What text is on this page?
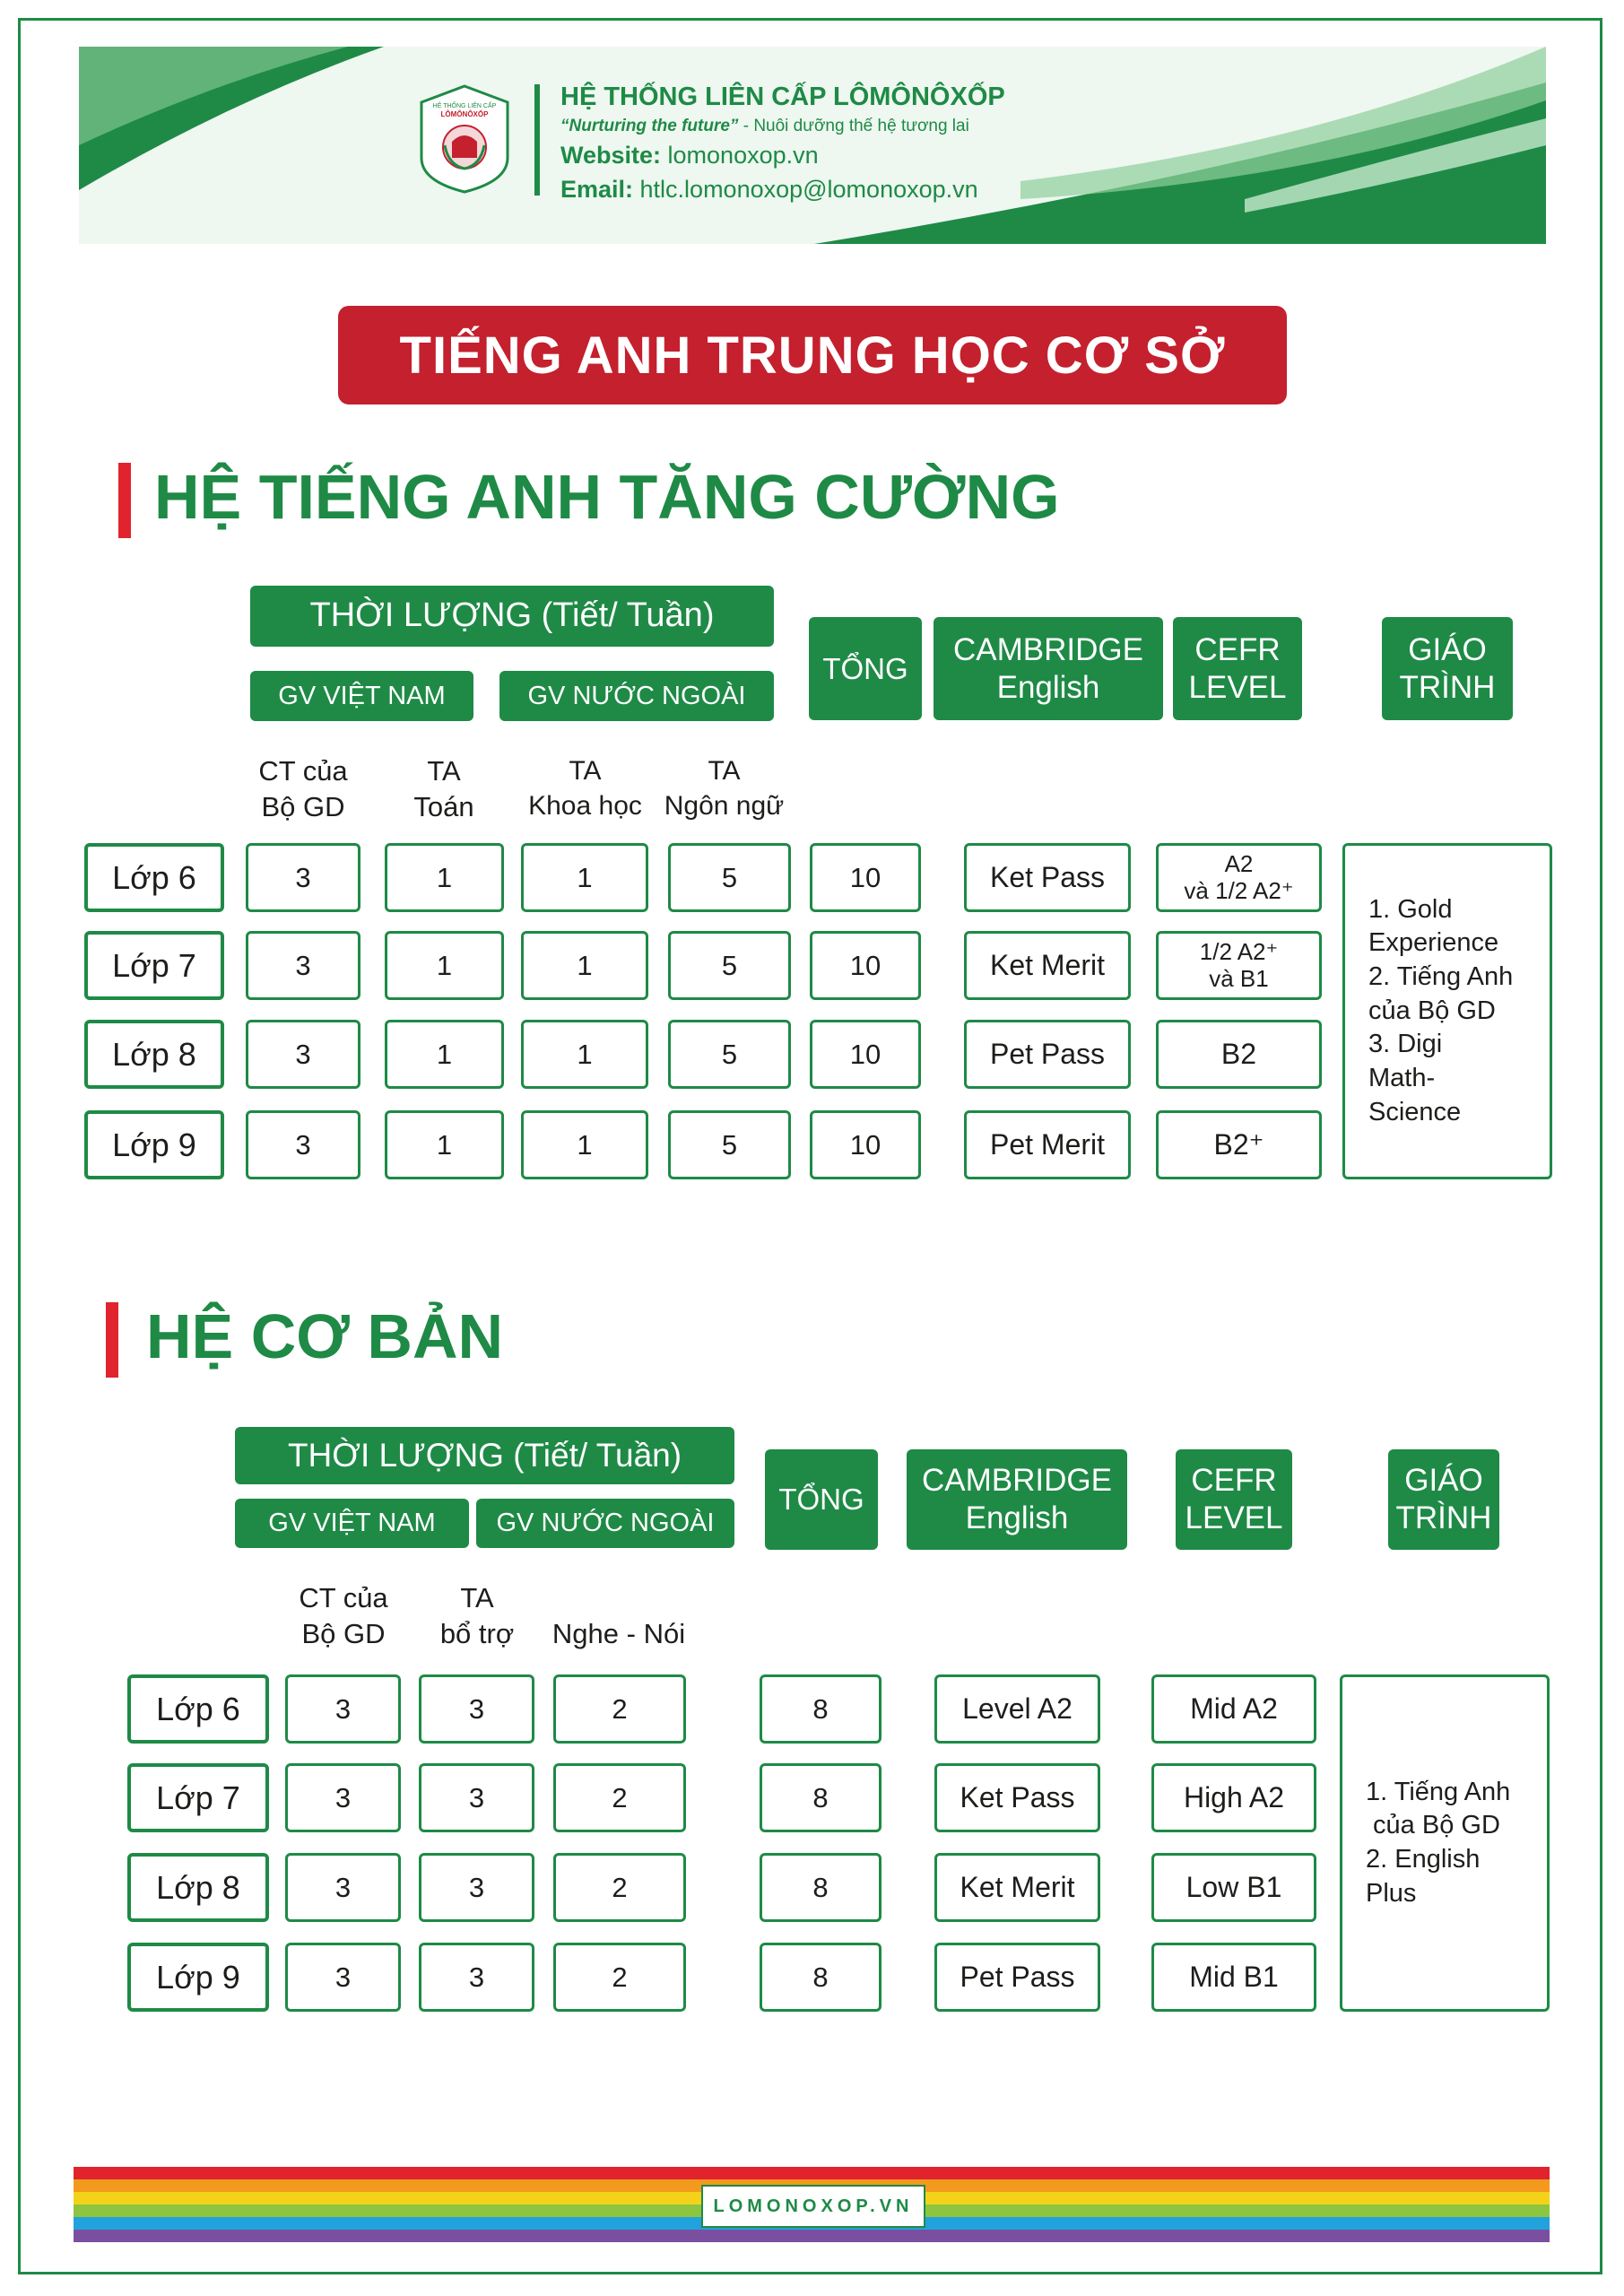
HỆ THỐNG LIÊN CẤP
LÔMÔNÔXỐP
HỆ THỐNG LIÊN CẤP LÔMÔNÔXỐP
“Nurturing the future” - Nuôi dưỡng thế hệ tương lai
Website: lomonoxop.vn
Email: htlc.lomonoxop@lomonoxop.vn
TIẾNG ANH TRUNG HỌC CƠ SỞ
HỆ TIẾNG ANH TĂNG CƯỜNG
THỜI LƯỢNG (Tiết/ Tuần)
GV VIỆT NAM	GV NƯỚC NGOÀI
TỔNG
CAMBRIDGE
English
CEFR
LEVEL
GIÁO
TRÌNH
CT của
Bộ GD
TA
Toán
TA
Khoa học
TA
Ngôn ngữ
Lớp 6	3	1	1	5	10	Ket Pass	A2
và 1/2 A2⁺
Lớp 7	3	1	1	5	10	Ket Merit	1/2 A2⁺
và B1
Lớp 8	3	1	1	5	10	Pet Pass	B2
Lớp 9	3	1	1	5	10	Pet Merit	B2⁺
1. Gold
Experience
2. Tiếng Anh
của Bộ GD
3. Digi
Math-
Science
HỆ CƠ BẢN
THỜI LƯỢNG (Tiết/ Tuần)
GV VIỆT NAM	GV NƯỚC NGOÀI
TỔNG
CAMBRIDGE
English
CEFR
LEVEL
GIÁO
TRÌNH
CT của
Bộ GD
TA
bổ trợ	Nghe - Nói
Lớp 6	3	3	2	8	Level A2	Mid A2
Lớp 7	3	3	2	8	Ket Pass	High A2
Lớp 8	3	3	2	8	Ket Merit	Low B1
Lớp 9	3	3	2	8	Pet Pass	Mid B1
1. Tiếng Anh
của Bộ GD
2. English
Plus
LOMONOXOP.VN
